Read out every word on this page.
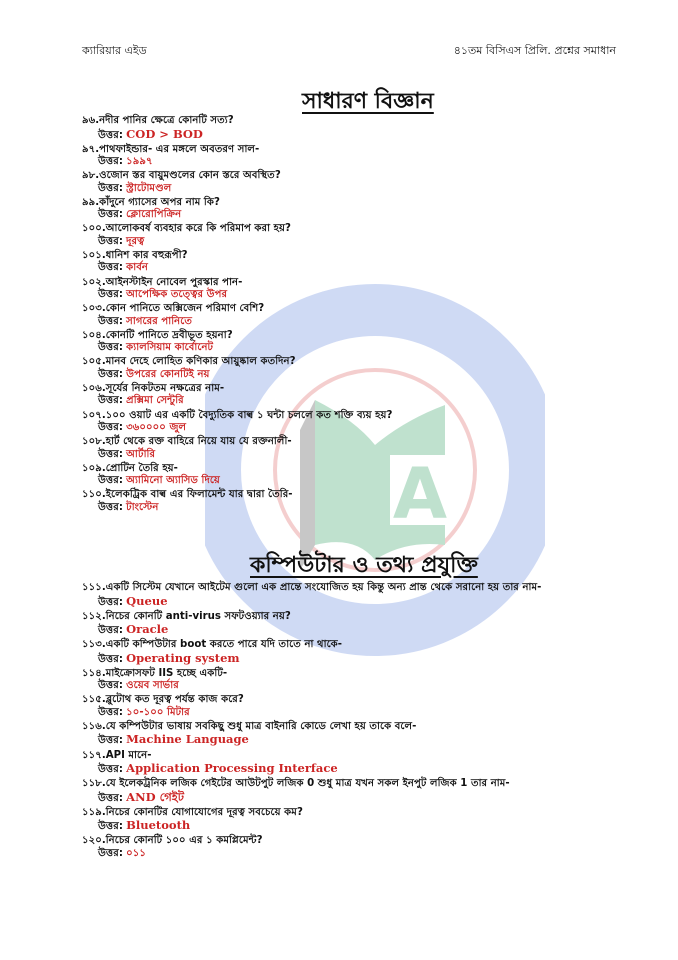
A
ক্যারিয়ার এইড	৪১তম বিসিএস প্রিলি. প্রশ্নের সমাধান
সাধারণ বিজ্ঞান
৯৬.নদীর পানির ক্ষেত্রে কোনটি সত্য?
উত্তর: COD > BOD
৯৭.পাথফাইন্ডার- এর মঙ্গলে অবতরণ সাল-
উত্তর: ১৯৯৭
৯৮.ওজোন স্তর বায়ুমণ্ডলের কোন স্তরে অবস্থিত?
উত্তর: স্ট্রাটোমণ্ডল
৯৯.কাঁদুনে গ্যাসের অপর নাম কি?
উত্তর: ক্লোরোপিক্রিন
১০০.আলোকবর্ষ ব্যবহার করে কি পরিমাপ করা হয়?
উত্তর: দূরত্ব
১০১.ধানিশ কার বহুরূপী?
উত্তর: কার্বন
১০২.আইনস্টাইন নোবেল পুরস্কার পান-
উত্তর: আপেক্ষিক তত্ত্বের উপর
১০৩.কোন পানিতে অক্সিজেন পরিমাণ বেশি?
উত্তর: সাগরের পানিতে
১০৪.কোনটি পানিতে দ্রবীভূত হয়না?
উত্তর: ক্যালসিয়াম কার্বোনেট
১০৫.মানব দেহে লোহিত কণিকার আয়ুষ্কাল কতদিন?
উত্তর: উপরের কোনটিই নয়
১০৬.সূর্যের নিকটতম নক্ষত্রের নাম-
উত্তর: প্রক্সিমা সেন্টুরি
১০৭.১০০ ওয়াট এর একটি বৈদ্যুতিক বাল্ব ১ ঘন্টা চললে কত শক্তি ব্যয় হয়?
উত্তর: ৩৬০০০০ জুল
১০৮.হার্ট থেকে রক্ত বাহিরে নিয়ে যায় যে রক্তনালী-
উত্তর: আর্টারি
১০৯.প্রোটিন তৈরি হয়-
উত্তর: অ্যামিনো অ্যাসিড দিয়ে
১১০.ইলেকট্রিক বাল্ব এর ফিলামেন্ট যার দ্বারা তৈরি-
উত্তর: টাংস্টেন
কম্পিউটার ও তথ্য প্রযুক্তি
১১১.একটি সিস্টেম যেখানে আইটেম গুলো এক প্রান্তে সংযোজিত হয় কিন্তু অন্য প্রান্ত থেকে সরানো হয় তার নাম-
উত্তর: Queue
১১২.নিচের কোনটি anti-virus সফটওয়্যার নয়?
উত্তর: Oracle
১১৩.একটি কম্পিউটার boot করতে পারে যদি তাতে না থাকে-
উত্তর: Operating system
১১৪.মাইক্রোসফট IIS হচ্ছে একটি-
উত্তর: ওয়েব সার্ভার
১১৫.ব্লুটোথ কত দূরত্ব পর্যন্ত কাজ করে?
উত্তর: ১০-১০০ মিটার
১১৬.যে কম্পিউটার ভাষায় সবকিছু শুধু মাত্র বাইনারি কোডে লেখা হয় তাকে বলে-
উত্তর: Machine Language
১১৭.API মানে-
উত্তর: Application Processing Interface
১১৮.যে ইলেকট্রনিক লজিক গেইটের আউটপুট লজিক 0 শুধু মাত্র যখন সকল ইনপুট লজিক 1 তার নাম-
উত্তর: AND গেইট
১১৯.নিচের কোনটির যোগাযোগের দূরত্ব সবচেয়ে কম?
উত্তর: Bluetooth
১২০.নিচের কোনটি ১০০ এর ১ কমপ্লিমেন্ট?
উত্তর: ০১১
